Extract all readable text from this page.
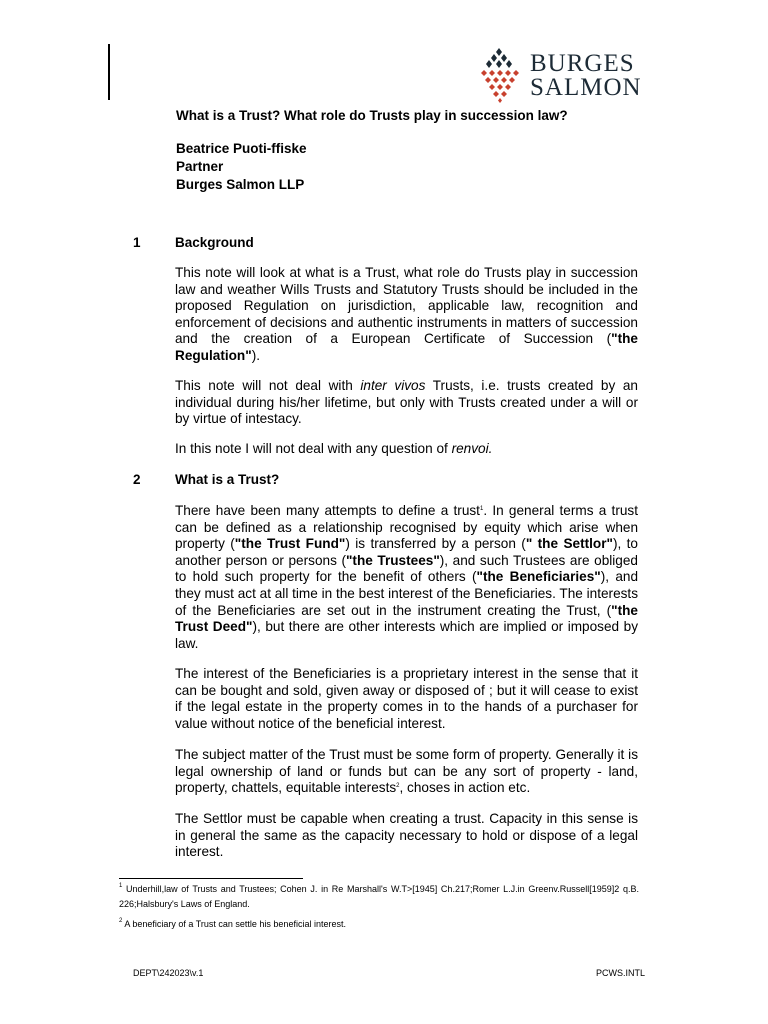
BURGES
SALMON
What is a Trust? What role do Trusts play in succession law?
Beatrice Puoti-ffiske
Partner
Burges Salmon LLP
1	Background

This note will look at what is a Trust, what role do Trusts play in succession law and weather Wills Trusts and Statutory Trusts should be included in the proposed Regulation on jurisdiction, applicable law, recognition and enforcement of decisions and authentic instruments in matters of succession and the creation of a European Certificate of Succession ("the Regulation").

This note will not deal with inter vivos Trusts, i.e. trusts created by an individual during his/her lifetime, but only with Trusts created under a will or by virtue of intestacy.

In this note I will not deal with any question of renvoi.

2	What is a Trust?

There have been many attempts to define a trust$^1$. In general terms a trust can be defined as a relationship recognised by equity which arise when property ("the Trust Fund") is transferred by a person (" the Settlor"), to another person or persons ("the Trustees"), and such Trustees are obliged to hold such property for the benefit of others ("the Beneficiaries"), and they must act at all time in the best interest of the Beneficiaries. The interests of the Beneficiaries are set out in the instrument creating the Trust, ("the Trust Deed"), but there are other interests which are implied or imposed by law.

The interest of the Beneficiaries is a proprietary interest in the sense that it can be bought and sold, given away or disposed of ; but it will cease to exist if the legal estate in the property comes in to the hands of a purchaser for value without notice of the beneficial interest.

The subject matter of the Trust must be some form of property. Generally it is legal ownership of land or funds but can be any sort of property - land, property, chattels, equitable interests$^2$, choses in action etc.

The Settlor must be capable when creating a trust. Capacity in this sense is in general the same as the capacity necessary to hold or dispose of a legal interest.

$^1$ Underhill,law of Trusts and Trustees; Cohen J. in Re Marshall's W.T>[1945] Ch.217;Romer L.J.in Greenv.Russell[1959]2 q.B. 226;Halsbury's Laws of England.
$^2$ A beneficiary of a Trust can settle his beneficial interest.
DEPT\242023\v.1	PCWS.INTL
